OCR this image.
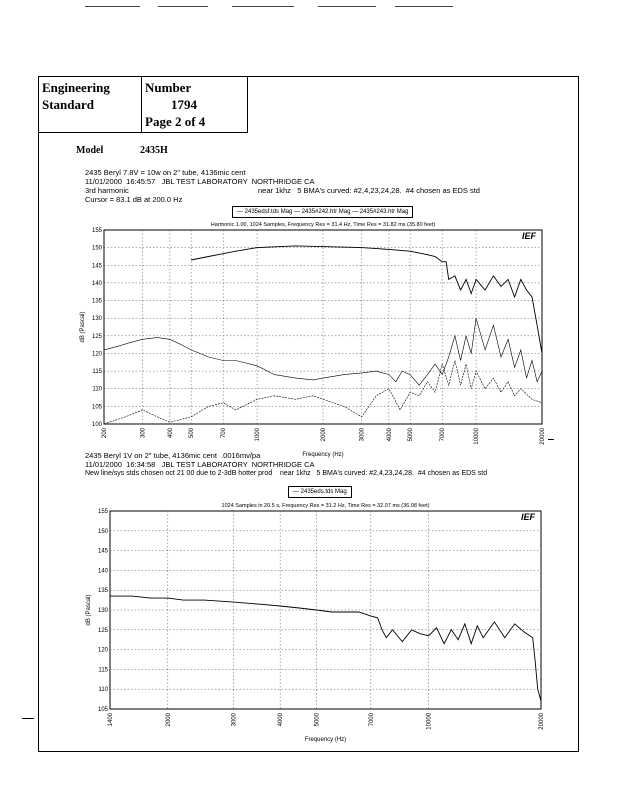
Engineering
Standard

Number
1794
Page 2 of 4
Model	2435H
2435 Beryl 7.8V = 10w on 2" tube, 4136mic cent
11/01/2000  16:45:57   JBL TEST LABORATORY  NORTHRIDGE CA
3rd harmonic	near 1khz   5 BMA's curved: #2,4,23,24,28.  #4 chosen as EDS std
Cursor = 83.1 dB at 200.0 Hz
— 2435edsf.tds Mag — 2435#242.htr Mag — 2435#243.htr Mag
Harmonic 1.00, 1024 Samples, Frequency Res = 31.4 Hz, Time Res = 31.82 ms (35.80 feet)
100
105
110
115
120
125
130
135
140
145
150
155
200	300	400	500	700	1000	2000	3000	4000	5000	7000	10000	20000
Frequency (Hz)
dB (Pascal)
IEF
2435 Beryl 1V on 2" tube, 4136mic cent  .0016mv/pa
11/01/2000  16:34:58   JBL TEST LABORATORY  NORTHRIDGE CA
New line/sys stds chosen oct 21 00 due to 2-3dB hotter prod    near 1khz   5 BMA's curved: #2,4,23,24,28.  #4 chosen as EDS std
— 2435eds.tds Mag
1024 Samples in 20.5 s, Frequency Res = 31.2 Hz, Time Res = 32.07 ms (36.08 feet)
105
110
115
120
125
130
135
140
145
150
155
1400	2000	3000	4000	5000	7000	10000	20000
Frequency (Hz)
dB (Pascal)
IEF
